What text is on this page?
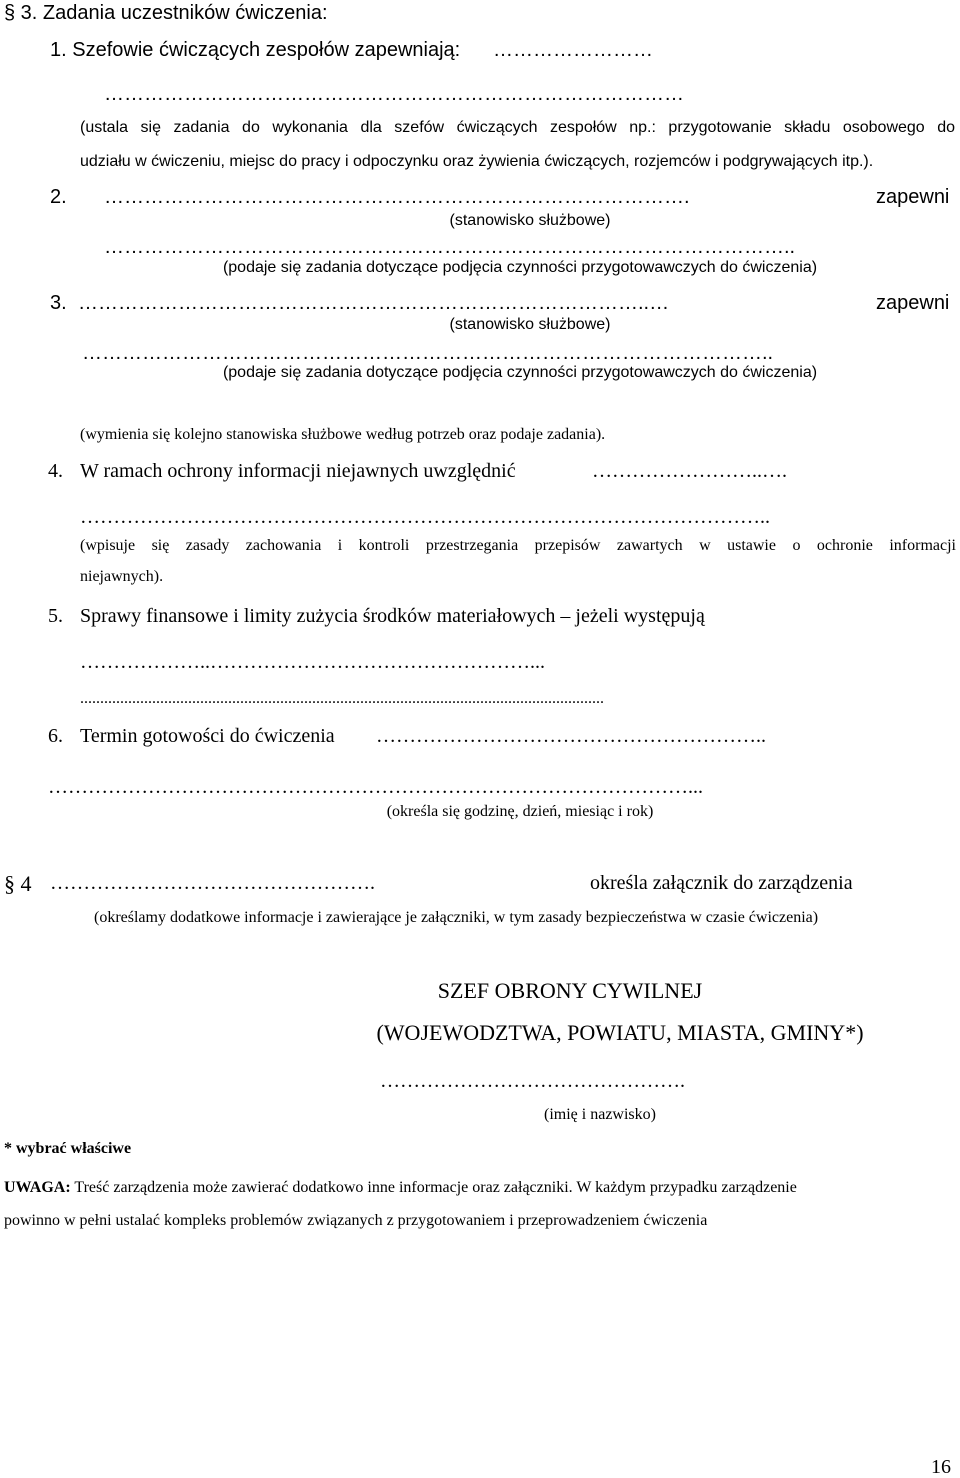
§ 3. Zadania uczestników ćwiczenia:
1. Szefowie ćwiczących zespołów zapewniają: ……………………
……………………………………………………………………………
(ustala się zadania do wykonania dla szefów ćwiczących zespołów np.: przygotowanie składu osobowego do
udziału w ćwiczeniu, miejsc do pracy i odpoczynku oraz żywienia ćwiczących, rozjemców i podgrywających itp.).
2. …………………………………………………………………………….	zapewni
(stanowisko służbowe)
…………………………………………………………………………………………..
(podaje się zadania dotyczące podjęcia czynności przygotowawczych do ćwiczenia)
3. …………………………………………………………………………..…	zapewni
(stanowisko służbowe)
…………………………………………………………………………………………..
(podaje się zadania dotyczące podjęcia czynności przygotowawczych do ćwiczenia)
(wymienia się kolejno stanowiska służbowe według potrzeb oraz podaje zadania).
4. W ramach ochrony informacji niejawnych uwzględnić	……………………..….
…………………………………………………………………………………………..
(wpisuje się zasady zachowania i kontroli przestrzegania przepisów zawartych w ustawie o ochronie informacji
niejawnych).
5. Sprawy finansowe i limity zużycia środków materiałowych – jeżeli występują
………………..…………………………………………...
...................................................................................................................................
6. Termin gotowości do ćwiczenia …………………………………………………..
……………………………………………………………………………………...
(określa się godzinę, dzień, miesiąc i rok)
§ 4 ………………………………………….	określa załącznik do zarządzenia
(określamy dodatkowe informacje i zawierające je załączniki, w tym zasady bezpieczeństwa w czasie ćwiczenia)
SZEF OBRONY CYWILNEJ
(WOJEWODZTWA, POWIATU, MIASTA, GMINY*)
……………………………………….
(imię i nazwisko)
* wybrać właściwe
UWAGA: Treść zarządzenia może zawierać dodatkowo inne informacje oraz załączniki. W każdym przypadku zarządzenie
powinno w pełni ustalać kompleks problemów związanych z przygotowaniem i przeprowadzeniem ćwiczenia
16
